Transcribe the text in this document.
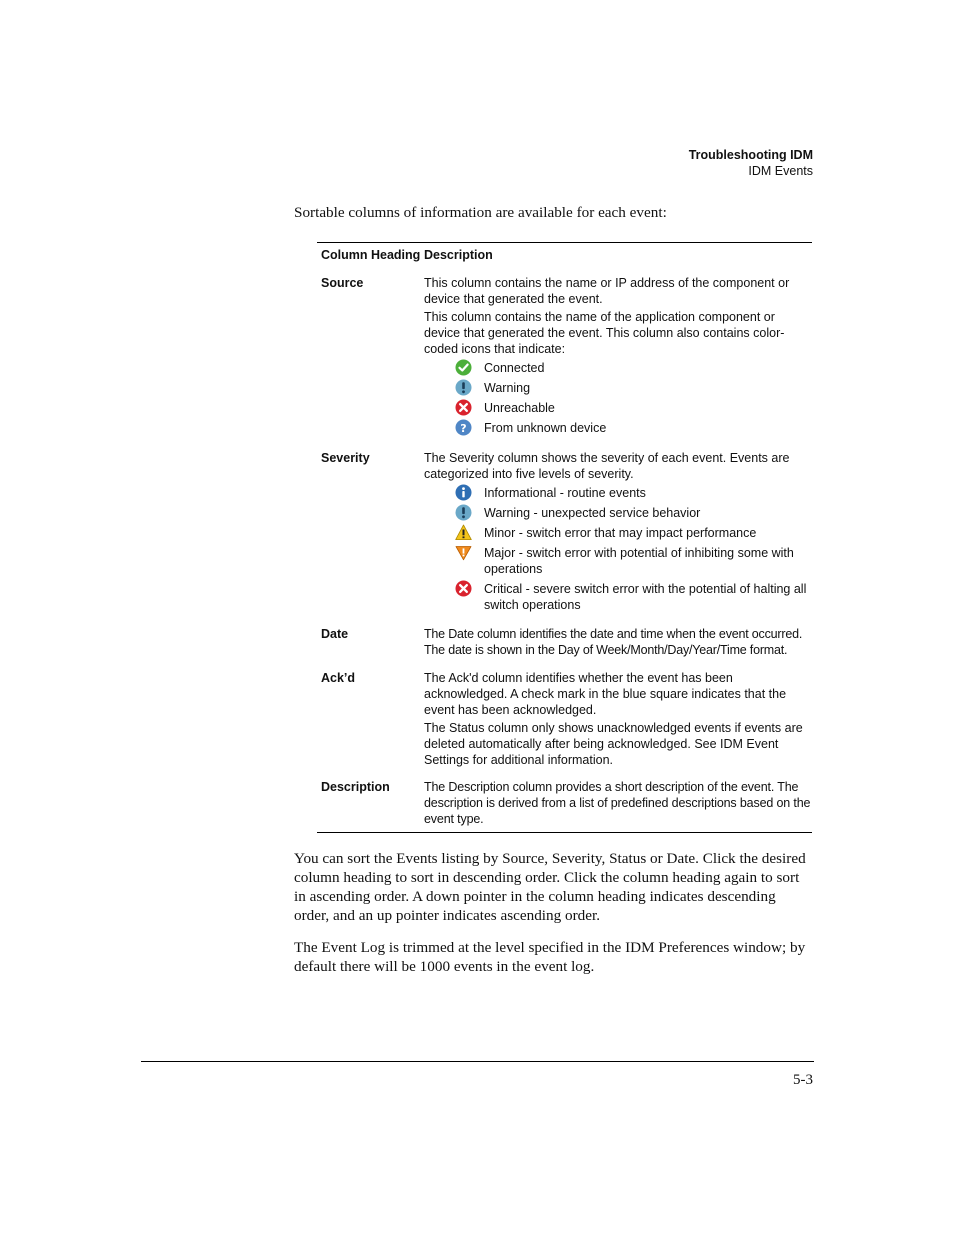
Troubleshooting IDM
IDM Events

Sortable columns of information are available for each event:

Column Heading Description
Source	This column contains the name or IP address of the component or device that generated the event.

This column contains the name of the application component or device that generated the event. This column also contains color-coded icons that indicate:

Connected
Warning
Unreachable
? From unknown device
Severity	The Severity column shows the severity of each event. Events are categorized into five levels of severity.

Informational - routine events
Warning - unexpected service behavior
Minor - switch error that may impact performance
Major - switch error with potential of inhibiting some with operations
Critical - severe switch error with the potential of halting all switch operations
Date	The Date column identifies the date and time when the event occurred. The date is shown in the Day of Week/Month/Day/Year/Time format.

Ack’d	The Ack'd column identifies whether the event has been acknowledged. A check mark in the blue square indicates that the event has been acknowledged.

The Status column only shows unacknowledged events if events are deleted automatically after being acknowledged. See IDM Event Settings for additional information.

Description	The Description column provides a short description of the event. The description is derived from a list of predefined descriptions based on the event type.

You can sort the Events listing by Source, Severity, Status or Date. Click the desired column heading to sort in descending order. Click the column heading again to sort in ascending order. A down pointer in the column heading indicates descending order, and an up pointer indicates ascending order.

The Event Log is trimmed at the level specified in the IDM Preferences window; by default there will be 1000 events in the event log.

5-3
